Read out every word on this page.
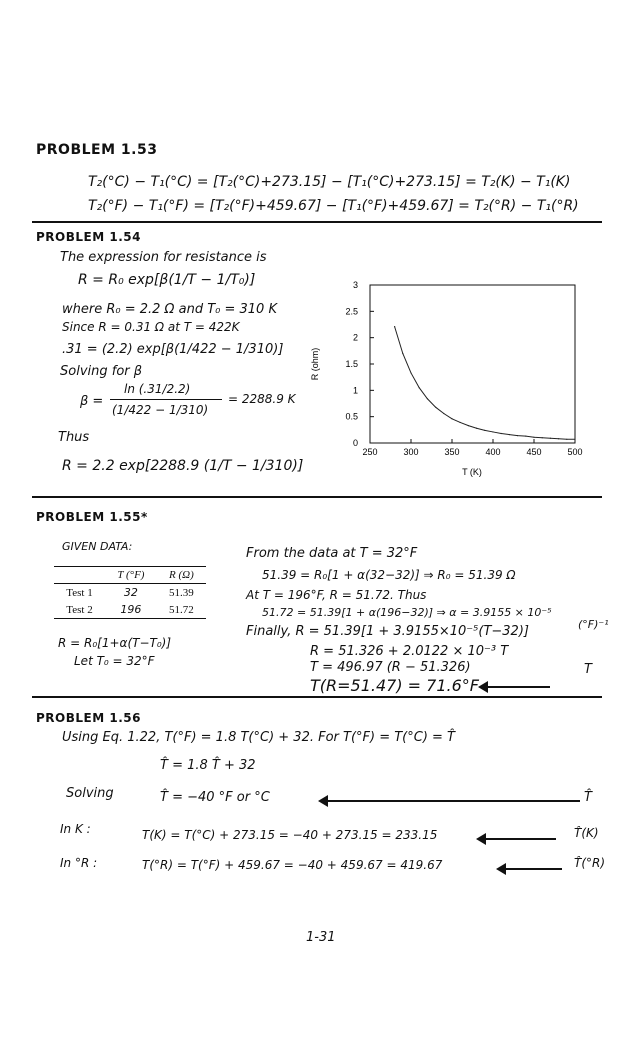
PROBLEM 1.53
T₂(°C) − T₁(°C) = [T₂(°C)+273.15] − [T₁(°C)+273.15] = T₂(K) − T₁(K)
T₂(°F) − T₁(°F) = [T₂(°F)+459.67] − [T₁(°F)+459.67] = T₂(°R) − T₁(°R)
PROBLEM 1.54
The expression for resistance is
R = R₀ exp[β(1/T − 1/T₀)]
where R₀ = 2.2 Ω and T₀ = 310 K
Since R = 0.31 Ω at T = 422K
.31 = (2.2) exp[β(1/422 − 1/310)]
Solving for β
β =
ln (.31/2.2)
(1/422 − 1/310)
= 2288.9 K
Thus
R = 2.2 exp[2288.9 (1/T − 1/310)]
250	300	350	400	450	500
0
0.5
1
1.5
2
2.5
3
T (K)
R (ohm)
PROBLEM 1.55*
GIVEN DATA:
	T (°F)	R (Ω)
Test 1	32	51.39
Test 2	196	51.72
R = R₀[1+α(T−T₀)]
Let T₀ = 32°F
From the data at T = 32°F
51.39 = R₀[1 + α(32−32)] ⇒ R₀ = 51.39 Ω
At T = 196°F, R = 51.72. Thus
51.72 = 51.39[1 + α(196−32)] ⇒ α = 3.9155 × 10⁻⁵
(°F)⁻¹
Finally, R = 51.39[1 + 3.9155×10⁻⁵(T−32)]
R = 51.326 + 2.0122 × 10⁻³ T
T = 496.97 (R − 51.326)	T
T(R=51.47) = 71.6°F
PROBLEM 1.56
Using Eq. 1.22, T(°F) = 1.8 T(°C) + 32. For T(°F) = T(°C) = T̂
T̂ = 1.8 T̂ + 32
Solving	T̂ = −40 °F or °C	T̂
In K :	T(K) = T(°C) + 273.15 = −40 + 273.15 = 233.15	T̂(K)
In °R :	T(°R) = T(°F) + 459.67 = −40 + 459.67 = 419.67	T̂(°R)
1-31
